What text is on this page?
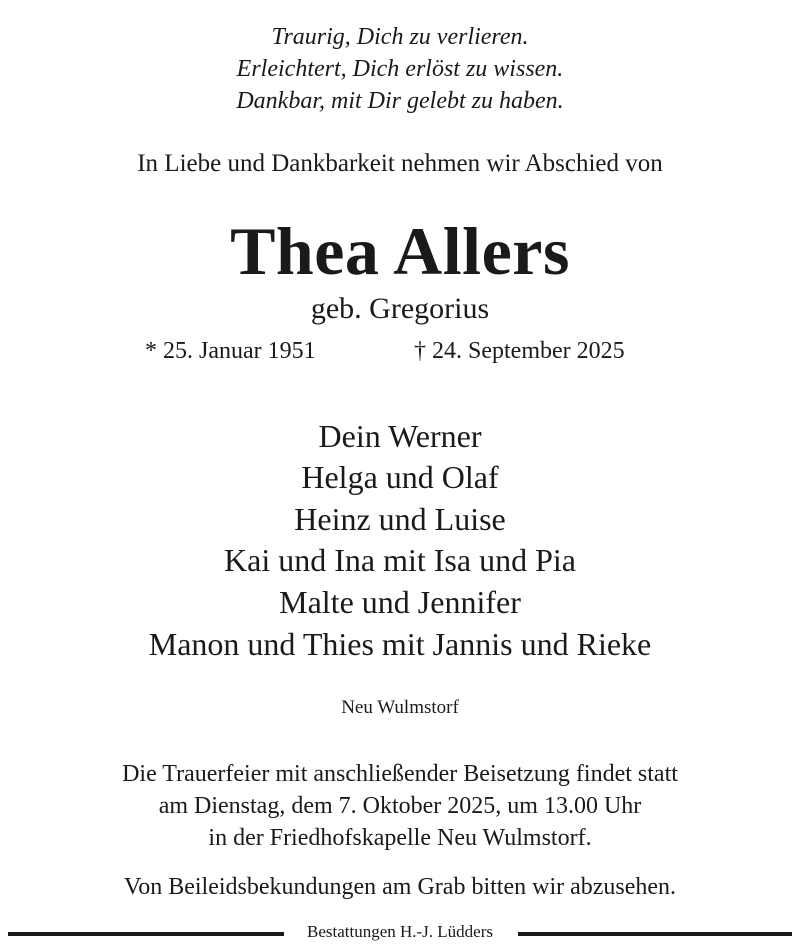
Traurig, Dich zu verlieren.
Erleichtert, Dich erlöst zu wissen.
Dankbar, mit Dir gelebt zu haben.
In Liebe und Dankbarkeit nehmen wir Abschied von
Thea Allers
geb. Gregorius
* 25. Januar 1951	† 24. September 2025
Dein Werner
Helga und Olaf
Heinz und Luise
Kai und Ina mit Isa und Pia
Malte und Jennifer
Manon und Thies mit Jannis und Rieke
Neu Wulmstorf
Die Trauerfeier mit anschließender Beisetzung findet statt
am Dienstag, dem 7. Oktober 2025, um 13.00 Uhr
in der Friedhofskapelle Neu Wulmstorf.
Von Beileidsbekundungen am Grab bitten wir abzusehen.
Bestattungen H.-J. Lüdders
